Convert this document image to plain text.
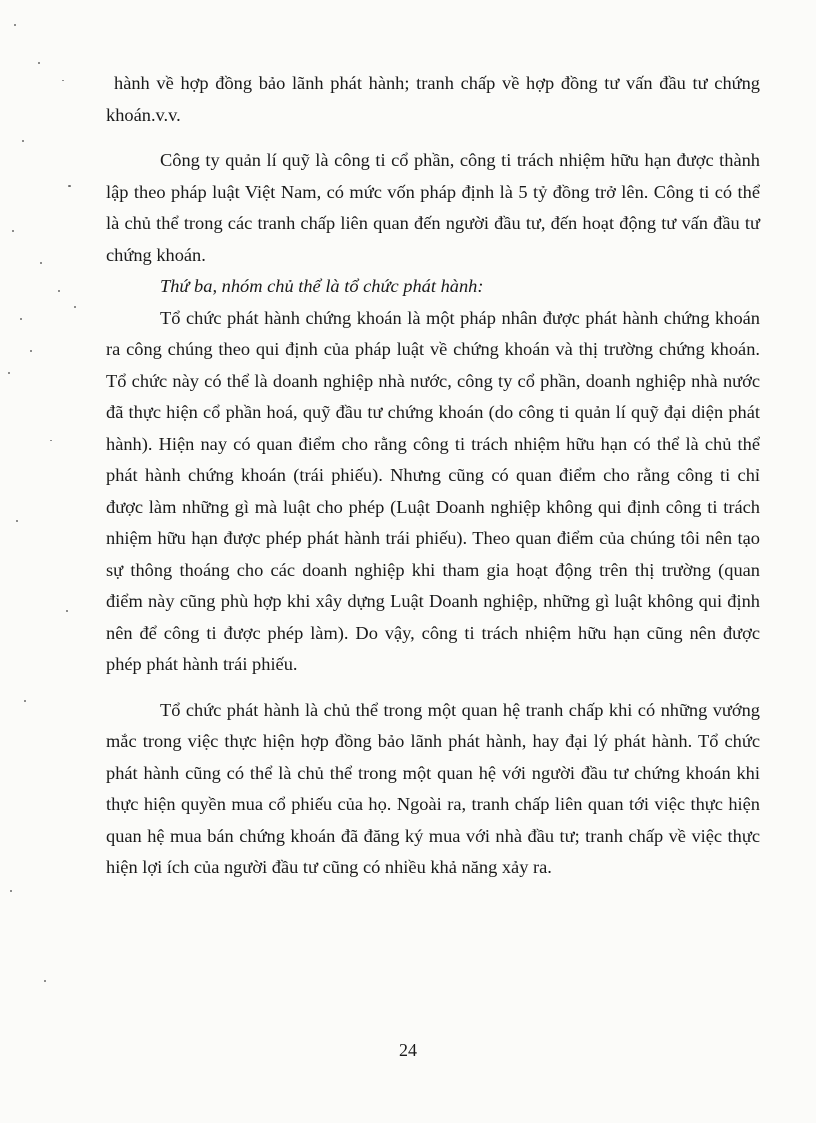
hành về hợp đồng bảo lãnh phát hành; tranh chấp về hợp đồng tư vấn đầu tư chứng khoán.v.v.

Công ty quản lí quỹ là công ti cổ phần, công ti trách nhiệm hữu hạn được thành lập theo pháp luật Việt Nam, có mức vốn pháp định là 5 tỷ đồng trở lên. Công ti có thể là chủ thể trong các tranh chấp liên quan đến người đầu tư, đến hoạt động tư vấn đầu tư chứng khoán.

Thứ ba, nhóm chủ thể là tổ chức phát hành:

Tổ chức phát hành chứng khoán là một pháp nhân được phát hành chứng khoán ra công chúng theo qui định của pháp luật về chứng khoán và thị trường chứng khoán. Tổ chức này có thể là doanh nghiệp nhà nước, công ty cổ phần, doanh nghiệp nhà nước đã thực hiện cổ phần hoá, quỹ đầu tư chứng khoán (do công ti quản lí quỹ đại diện phát hành). Hiện nay có quan điểm cho rằng công ti trách nhiệm hữu hạn có thể là chủ thể phát hành chứng khoán (trái phiếu). Nhưng cũng có quan điểm cho rằng công ti chỉ được làm những gì mà luật cho phép (Luật Doanh nghiệp không qui định công ti trách nhiệm hữu hạn được phép phát hành trái phiếu). Theo quan điểm của chúng tôi nên tạo sự thông thoáng cho các doanh nghiệp khi tham gia hoạt động trên thị trường (quan điểm này cũng phù hợp khi xây dựng Luật Doanh nghiệp, những gì luật không qui định nên để công ti được phép làm). Do vậy, công ti trách nhiệm hữu hạn cũng nên được phép phát hành trái phiếu.

Tổ chức phát hành là chủ thể trong một quan hệ tranh chấp khi có những vướng mắc trong việc thực hiện hợp đồng bảo lãnh phát hành, hay đại lý phát hành. Tổ chức phát hành cũng có thể là chủ thể trong một quan hệ với người đầu tư chứng khoán khi thực hiện quyền mua cổ phiếu của họ. Ngoài ra, tranh chấp liên quan tới việc thực hiện quan hệ mua bán chứng khoán đã đăng ký mua với nhà đầu tư; tranh chấp về việc thực hiện lợi ích của người đầu tư cũng có nhiều khả năng xảy ra.

24
